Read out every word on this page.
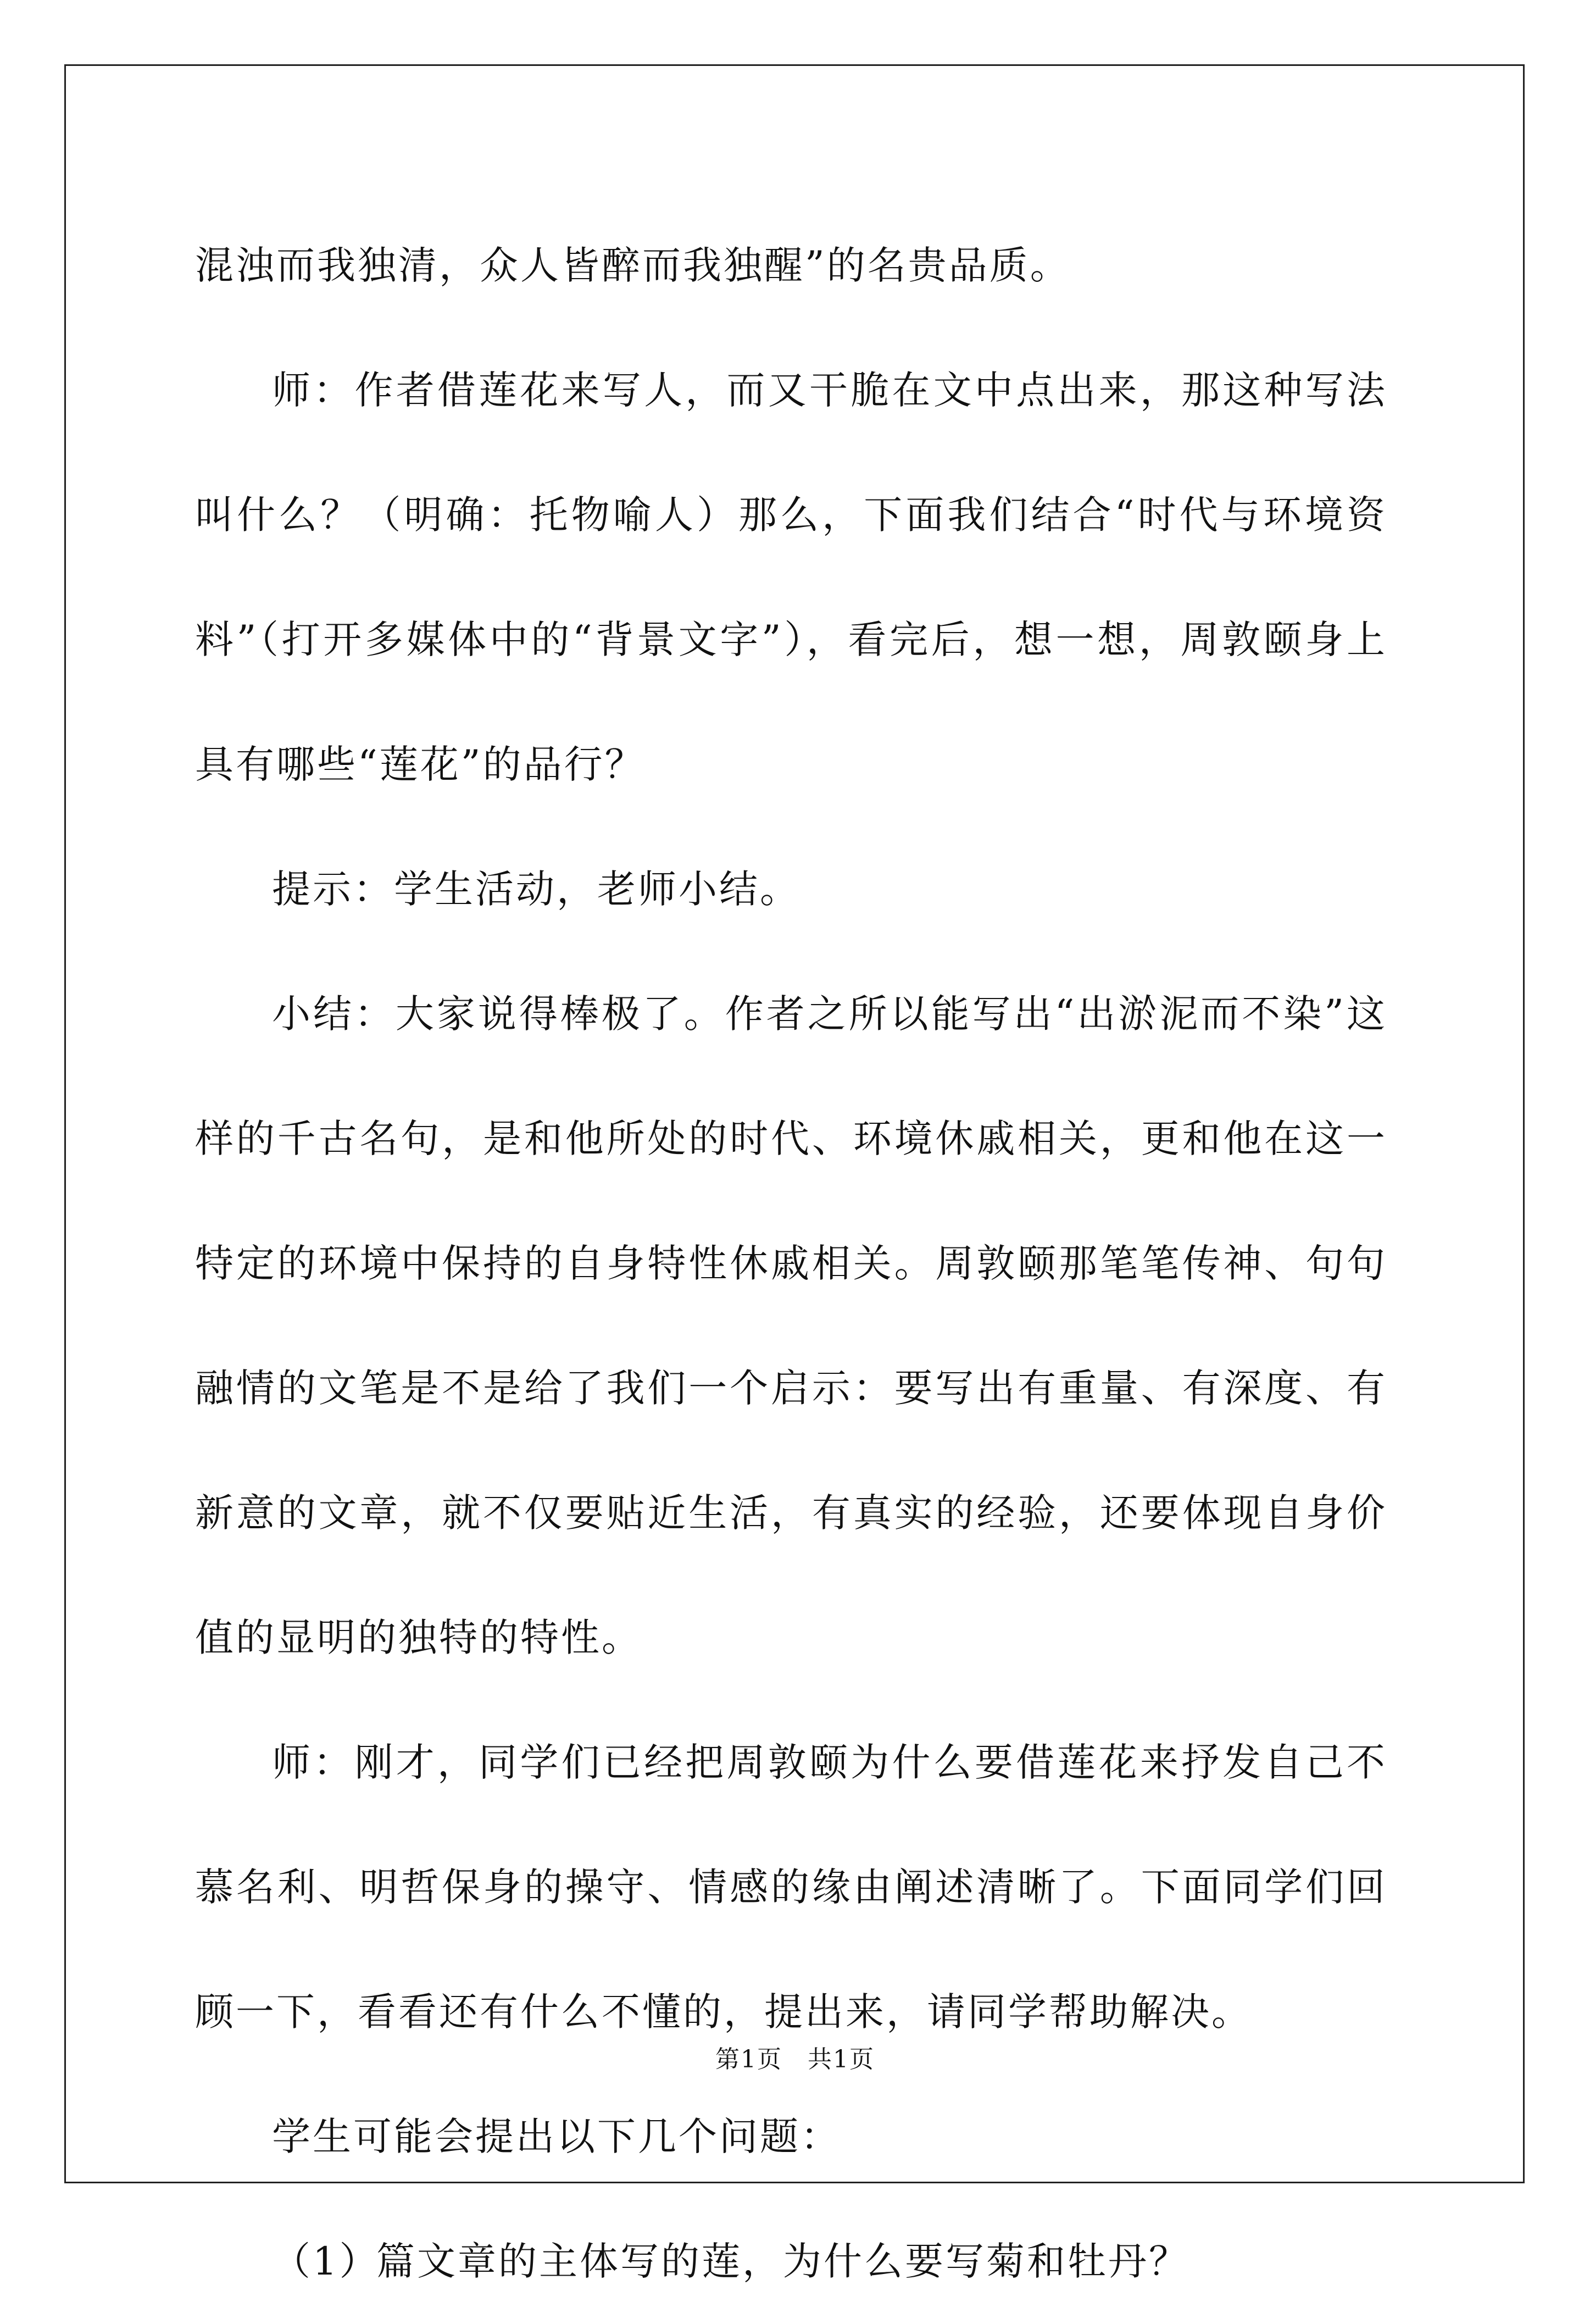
混浊而我独清，众人皆醉而我独醒”的名贵品质。

师：作者借莲花来写人，而又干脆在文中点出来，那这种写法叫什么？（明确：托物喻人）那么，下面我们结合“时代与环境资料”（打开多媒体中的“背景文字”），看完后，想一想，周敦颐身上具有哪些“莲花”的品行？

提示：学生活动，老师小结。

小结：大家说得棒极了。作者之所以能写出“出淤泥而不染”这样的千古名句，是和他所处的时代、环境休戚相关，更和他在这一特定的环境中保持的自身特性休戚相关。周敦颐那笔笔传神、句句融情的文笔是不是给了我们一个启示：要写出有重量、有深度、有新意的文章，就不仅要贴近生活，有真实的经验，还要体现自身价值的显明的独特的特性。

师：刚才，同学们已经把周敦颐为什么要借莲花来抒发自己不慕名利、明哲保身的操守、情感的缘由阐述清晰了。下面同学们回顾一下，看看还有什么不懂的，提出来，请同学帮助解决。

学生可能会提出以下几个问题：

（1）篇文章的主体写的莲，为什么要写菊和牡丹？

第1页　共1页
